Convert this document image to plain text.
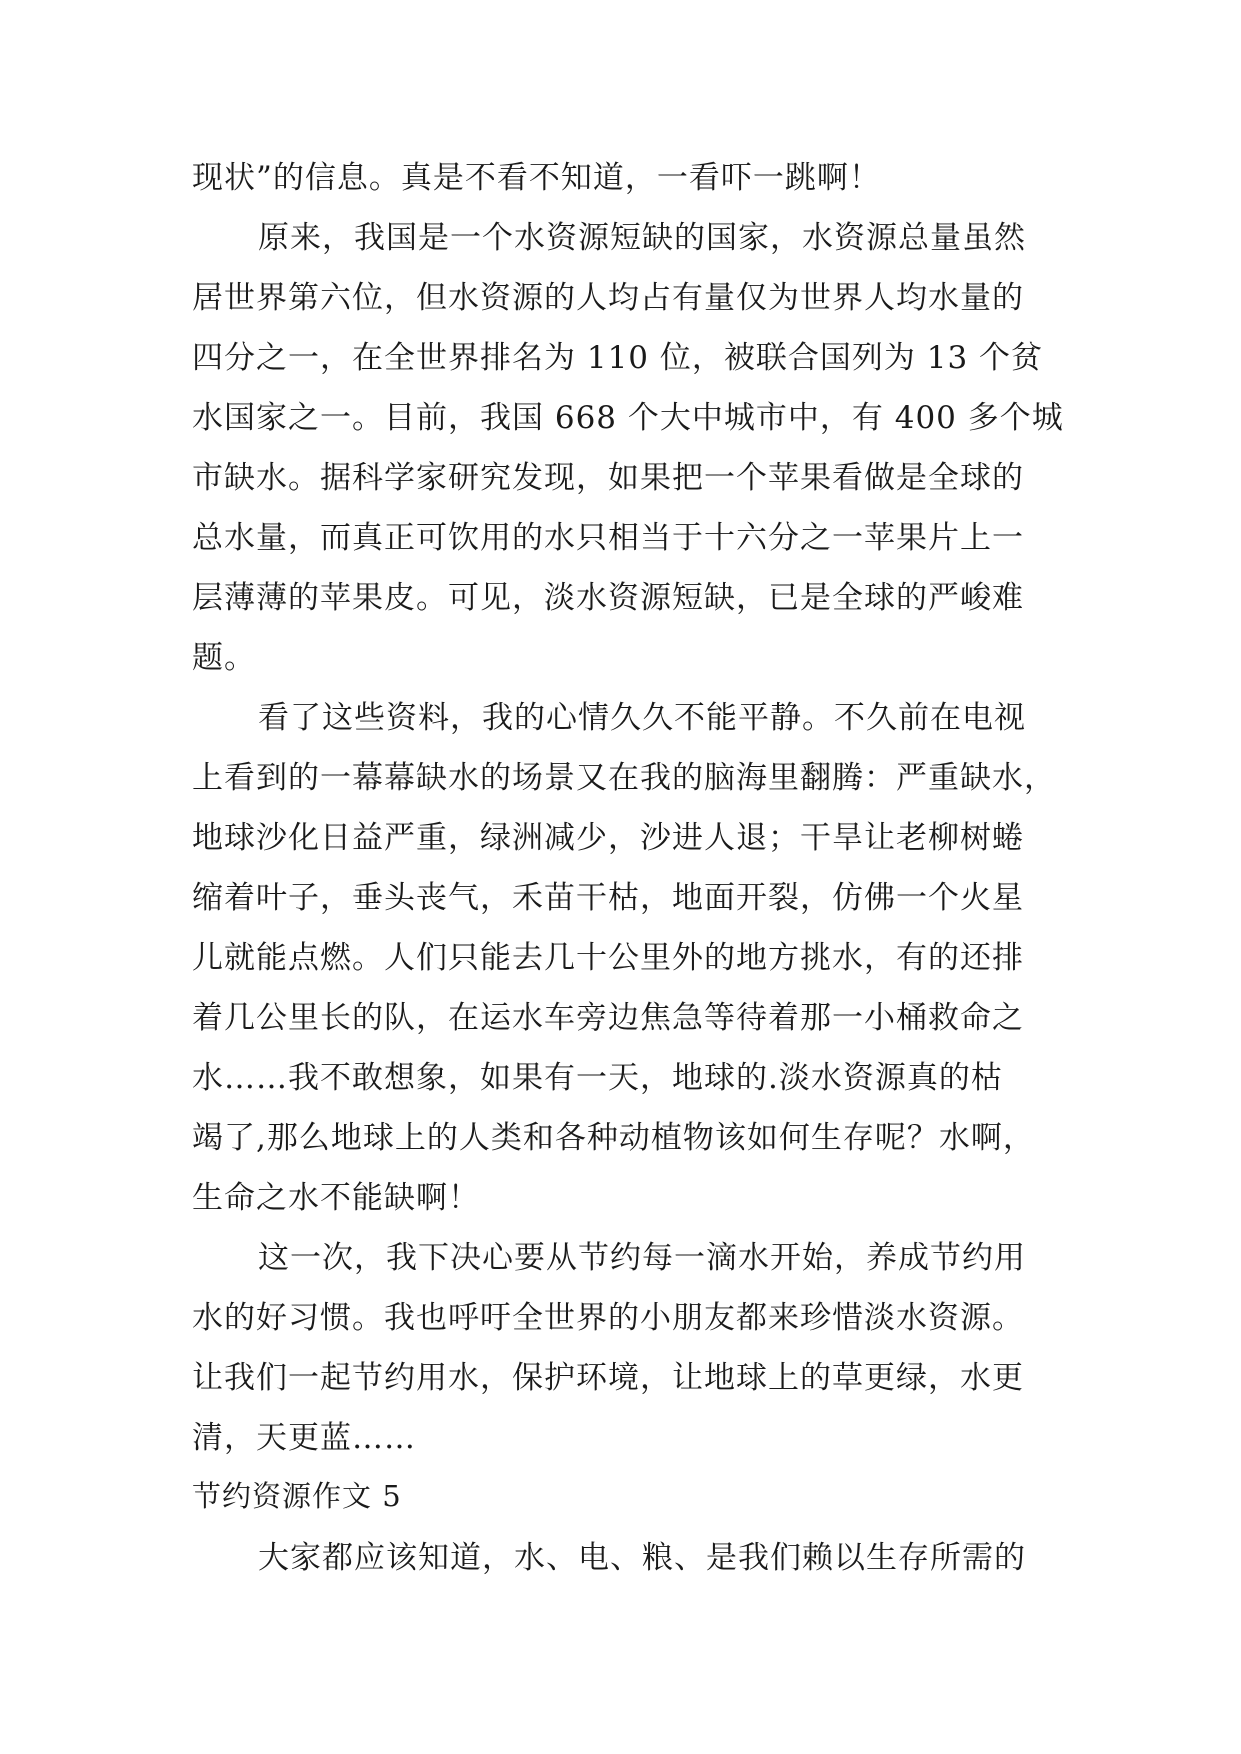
现状”的信息。真是不看不知道，一看吓一跳啊！
原来，我国是一个水资源短缺的国家，水资源总量虽然
居世界第六位，但水资源的人均占有量仅为世界人均水量的
四分之一，在全世界排名为 110 位，被联合国列为 13 个贫
水国家之一。目前，我国 668 个大中城市中，有 400 多个城
市缺水。据科学家研究发现，如果把一个苹果看做是全球的
总水量，而真正可饮用的水只相当于十六分之一苹果片上一
层薄薄的苹果皮。可见，淡水资源短缺，已是全球的严峻难
题。
看了这些资料，我的心情久久不能平静。不久前在电视
上看到的一幕幕缺水的场景又在我的脑海里翻腾：严重缺水，
地球沙化日益严重，绿洲减少，沙进人退；干旱让老柳树蜷
缩着叶子，垂头丧气，禾苗干枯，地面开裂，仿佛一个火星
儿就能点燃。人们只能去几十公里外的地方挑水，有的还排
着几公里长的队，在运水车旁边焦急等待着那一小桶救命之
水……我不敢想象，如果有一天，地球的.淡水资源真的枯
竭了,那么地球上的人类和各种动植物该如何生存呢？水啊，
生命之水不能缺啊！
这一次，我下决心要从节约每一滴水开始，养成节约用
水的好习惯。我也呼吁全世界的小朋友都来珍惜淡水资源。
让我们一起节约用水，保护环境，让地球上的草更绿，水更
清，天更蓝……
节约资源作文 5
大家都应该知道，水、电、粮、是我们赖以生存所需的
